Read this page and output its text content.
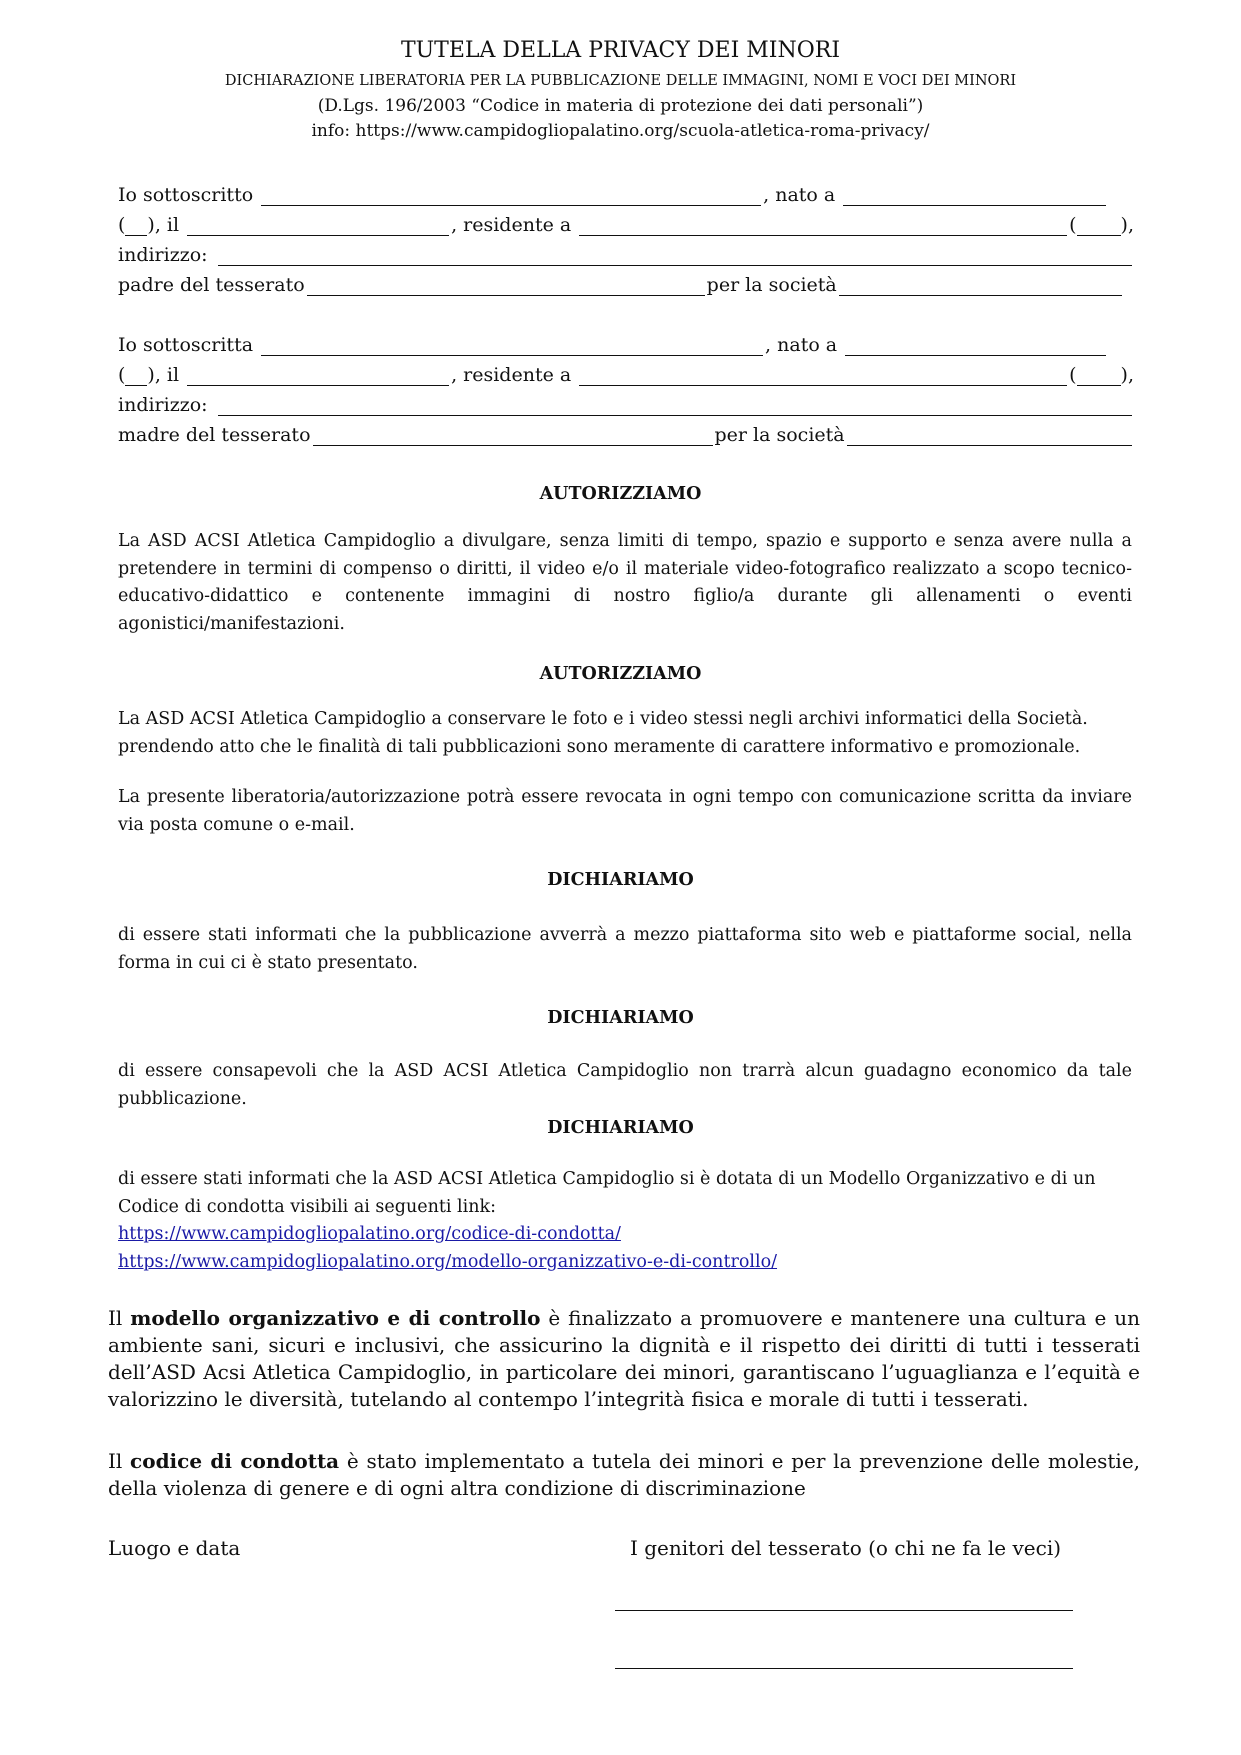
TUTELA DELLA PRIVACY DEI MINORI
DICHIARAZIONE LIBERATORIA PER LA PUBBLICAZIONE DELLE IMMAGINI, NOMI E VOCI DEI MINORI
(D.Lgs. 196/2003 “Codice in materia di protezione dei dati personali”)
info: https://www.campidogliopalatino.org/scuola-atletica-roma-privacy/
Io sottoscritto	, nato a
( ), il	, residente a	( ),
indirizzo:
padre del tesserato	per la società
Io sottoscritta	, nato a
( ), il	, residente a	( ),
indirizzo:
madre del tesserato	per la società
AUTORIZZIAMO
La ASD ACSI Atletica Campidoglio a divulgare, senza limiti di tempo, spazio e supporto e senza avere nulla a pretendere in termini di compenso o diritti, il video e/o il materiale video-fotografico realizzato a scopo tecnico-educativo-didattico e contenente immagini di nostro figlio/a durante gli allenamenti o eventi agonistici/manifestazioni.
AUTORIZZIAMO
La ASD ACSI Atletica Campidoglio a conservare le foto e i video stessi negli archivi informatici della Società.
prendendo atto che le finalità di tali pubblicazioni sono meramente di carattere informativo e promozionale.
La presente liberatoria/autorizzazione potrà essere revocata in ogni tempo con comunicazione scritta da inviare via posta comune o e-mail.
DICHIARIAMO
di essere stati informati che la pubblicazione avverrà a mezzo piattaforma sito web e piattaforme social, nella forma in cui ci è stato presentato.
DICHIARIAMO
di essere consapevoli che la ASD ACSI Atletica Campidoglio non trarrà alcun guadagno economico da tale pubblicazione.
DICHIARIAMO
di essere stati informati che la ASD ACSI Atletica Campidoglio si è dotata di un Modello Organizzativo e di un Codice di condotta visibili ai seguenti link:
https://www.campidogliopalatino.org/codice-di-condotta/
https://www.campidogliopalatino.org/modello-organizzativo-e-di-controllo/
Il modello organizzativo e di controllo è finalizzato a promuovere e mantenere una cultura e un ambiente sani, sicuri e inclusivi, che assicurino la dignità e il rispetto dei diritti di tutti i tesserati dell’ASD Acsi Atletica Campidoglio, in particolare dei minori, garantiscano l’uguaglianza e l’equità e valorizzino le diversità, tutelando al contempo l’integrità fisica e morale di tutti i tesserati.
Il codice di condotta è stato implementato a tutela dei minori e per la prevenzione delle molestie, della violenza di genere e di ogni altra condizione di discriminazione
Luogo e data	I genitori del tesserato (o chi ne fa le veci)
